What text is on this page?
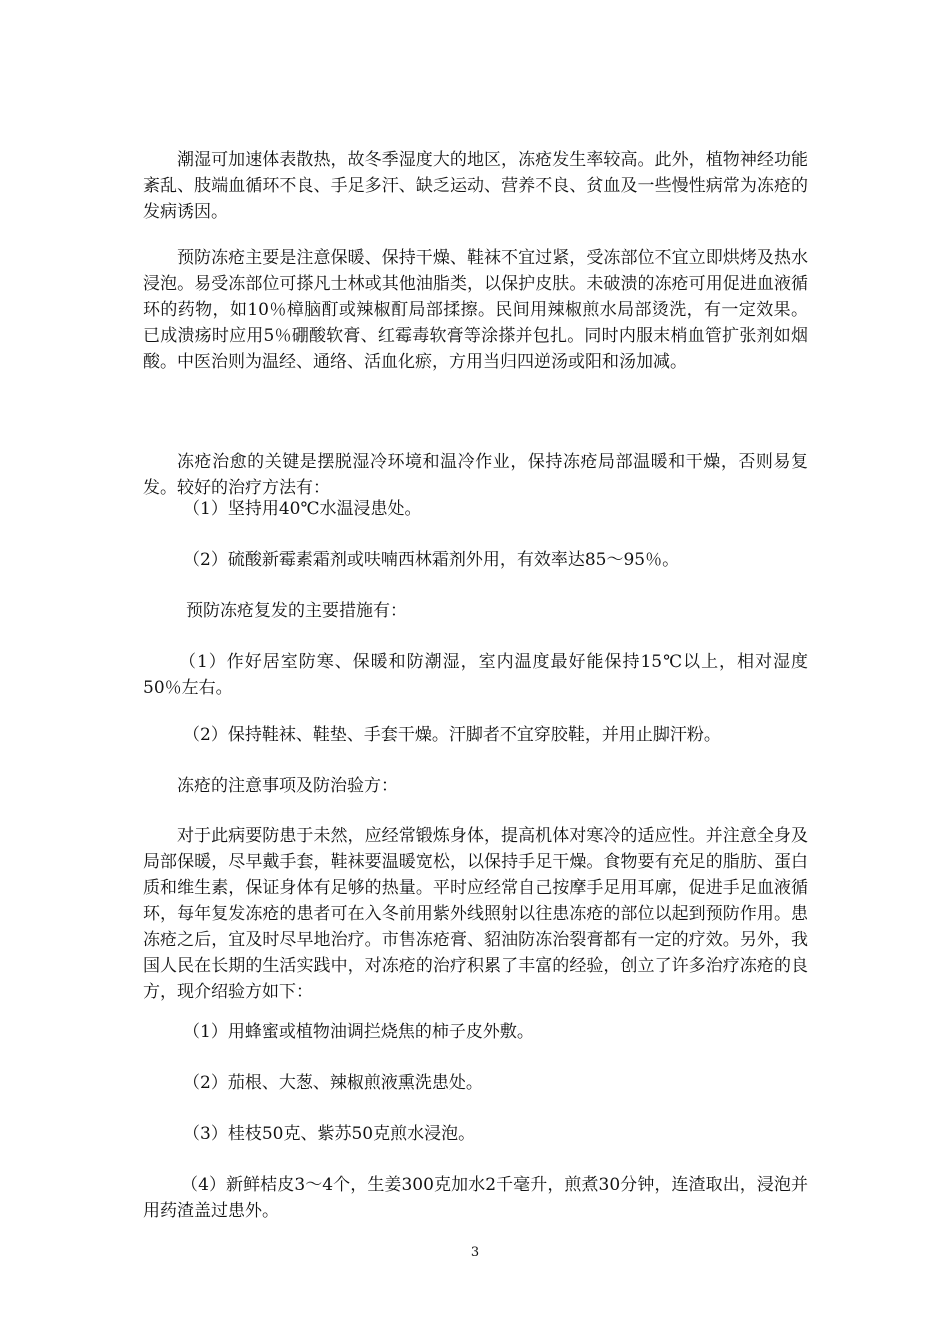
潮湿可加速体表散热，故冬季湿度大的地区，冻疮发生率较高。此外，植物神经功能紊乱、肢端血循环不良、手足多汗、缺乏运动、营养不良、贫血及一些慢性病常为冻疮的发病诱因。

预防冻疮主要是注意保暖、保持干燥、鞋袜不宜过紧，受冻部位不宜立即烘烤及热水浸泡。易受冻部位可搽凡士林或其他油脂类，以保护皮肤。未破溃的冻疮可用促进血液循环的药物，如10％樟脑酊或辣椒酊局部揉擦。民间用辣椒煎水局部烫洗，有一定效果。已成溃疡时应用5％硼酸软膏、红霉毒软膏等涂搽并包扎。同时内服末梢血管扩张剂如烟酸。中医治则为温经、通络、活血化瘀，方用当归四逆汤或阳和汤加减。

冻疮治愈的关键是摆脱湿冷环境和温冷作业，保持冻疮局部温暖和干燥，否则易复发。较好的治疗方法有：

（1）坚持用40℃水温浸患处。

（2）硫酸新霉素霜剂或呋喃西林霜剂外用，有效率达85～95％。

预防冻疮复发的主要措施有：

（1）作好居室防寒、保暖和防潮湿，室内温度最好能保持15℃以上，相对湿度50％左右。

（2）保持鞋袜、鞋垫、手套干燥。汗脚者不宜穿胶鞋，并用止脚汗粉。

冻疮的注意事项及防治验方：

对于此病要防患于未然，应经常锻炼身体，提高机体对寒冷的适应性。并注意全身及局部保暖，尽早戴手套，鞋袜要温暖宽松，以保持手足干燥。食物要有充足的脂肪、蛋白质和维生素，保证身体有足够的热量。平时应经常自己按摩手足用耳廓，促进手足血液循环，每年复发冻疮的患者可在入冬前用紫外线照射以往患冻疮的部位以起到预防作用。患冻疮之后，宜及时尽早地治疗。市售冻疮膏、貂油防冻治裂膏都有一定的疗效。另外，我国人民在长期的生活实践中，对冻疮的治疗积累了丰富的经验，创立了许多治疗冻疮的良方，现介绍验方如下：

（1）用蜂蜜或植物油调拦烧焦的柿子皮外敷。

（2）茄根、大葱、辣椒煎液熏洗患处。

（3）桂枝50克、紫苏50克煎水浸泡。

（4）新鲜桔皮3～4个，生姜300克加水2千毫升，煎煮30分钟，连渣取出，浸泡并用药渣盖过患外。

3
